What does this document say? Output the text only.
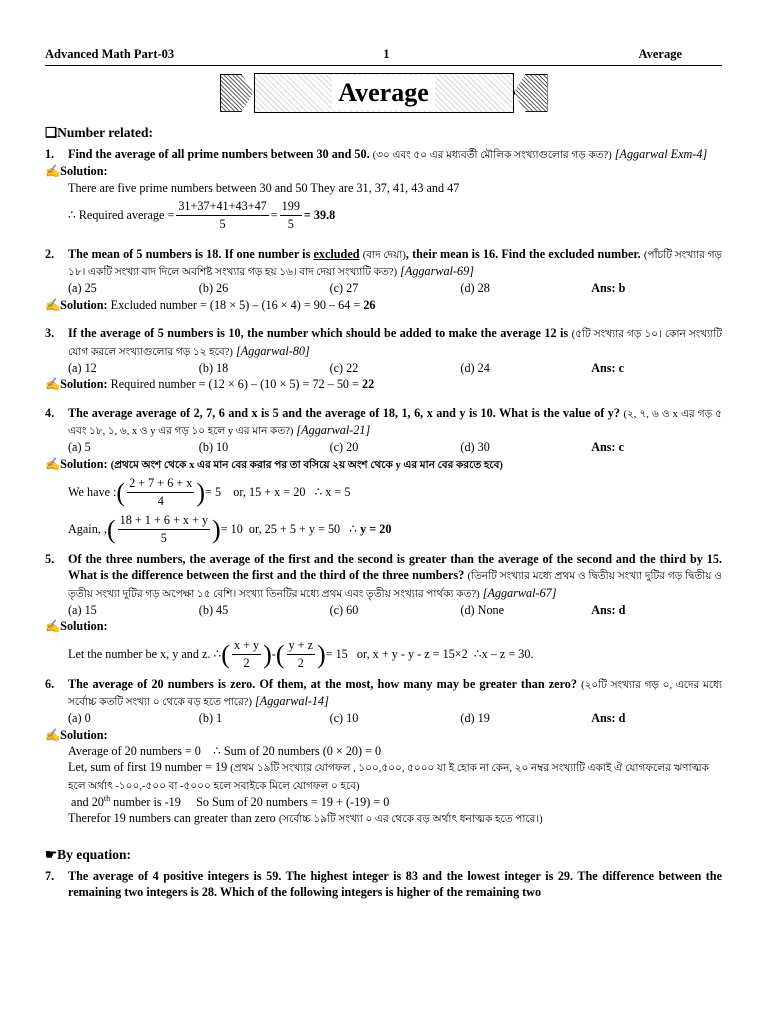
Advanced Math Part-03	1	Average
Average
❑Number related:
1.	Find the average of all prime numbers between 30 and 50. (৩০ এবং ৫০ এর মধ্যবর্তী মৌলিক সংখ্যাগুলোর গড় কত?) [Aggarwal Exm-4]
✍Solution:
There are five prime numbers between 30 and 50 They are 31, 37, 41, 43 and 47
∴ Required average = $\frac{31+37+41+43+47}{5} = \frac{199}{5} = 39.8$
2.	The mean of 5 numbers is 18. If one number is excluded (বাদ দেয়া), their mean is 16. Find the excluded number. (পাঁচটি সংখ্যার গড় ১৮। একটি সংখ্যা বাদ দিলে অবশিষ্ট সংখ্যার গড় হয় ১৬। বাদ দেয়া সংখ্যাটি কত?) [Aggarwal-69]
(a) 25	(b) 26	(c) 27	(d) 28	Ans: b
✍Solution: Excluded number = (18 × 5) – (16 × 4) = 90 – 64 = 26
3.	If the average of 5 numbers is 10, the number which should be added to make the average 12 is (৫টি সংখ্যার গড় ১০। কোন সংখ্যাটি যোগ করলে সংখ্যাগুলোর গড় ১২ হবে?) [Aggarwal-80]
(a) 12	(b) 18	(c) 22	(d) 24	Ans: c
✍Solution: Required number = (12 × 6) – (10 × 5) = 72 – 50 = 22
4.	The average average of 2, 7, 6 and x is 5 and the average of 18, 1, 6, x and y is 10. What is the value of y? (২, ৭, ৬ ও x এর গড় ৫ এবং ১৮, ১, ৬, x ও y এর গড় ১০ হলে y এর মান কত?) [Aggarwal-21]
(a) 5	(b) 10	(c) 20	(d) 30	Ans: c
✍Solution: (প্রথমে অংশ থেকে x এর মান বের করার পর তা বসিয়ে ২য় অংশ থেকে y এর মান বের করতে হবে)
We have : ( $\frac{2 + 7 + 6 + x}{4}$ ) = 5    or, 15 + x = 20   ∴ x = 5
Again, , ( $\frac{18 + 1 + 6 + x + y}{5}$ ) = 10  or, 25 + 5 + y = 50   ∴
y = 20
5.	Of the three numbers, the average of the first and the second is greater than the average of the second and the third by 15. What is the difference between the first and the third of the three numbers? (তিনটি সংখ্যার মধ্যে প্রথম ও দ্বিতীয় সংখ্যা দুটির গড় দ্বিতীয় ও তৃতীয় সংখ্যা দুটির গড় অপেক্ষা ১৫ বেশি। সংখ্যা তিনটির মধ্যে প্রথম এবং তৃতীয় সংখ্যার পার্থক্য কত?) [Aggarwal-67]
(a) 15	(b) 45	(c) 60	(d) None	Ans: d
✍Solution:
Let the number be x, y and z. ∴ ( $\frac{x + y}{2}$ ) - ( $\frac{y + z}{2}$ ) = 15   or, x + y - y - z = 15×2  ∴x – z = 30.
6.	The average of 20 numbers is zero. Of them, at the most, how many may be greater than zero? (২০টি সংখ্যার গড় ০, এদের মধ্যে সর্বোচ্চ কতটি সংখ্যা ০ থেকে বড় হতে পারে?) [Aggarwal-14]
(a) 0	(b) 1	(c) 10	(d) 19	Ans: d
✍Solution:
Average of 20 numbers = 0    ∴ Sum of 20 numbers (0 × 20) = 0
Let, sum of first 19 number = 19 (প্রথম ১৯টি সংখ্যার যোগফল , ১০০,৫০০, ৫০০০ যা ই হোক না কেন, ২০ নম্বর সংখ্যাটি একাই ঐ যোগফলের ঋণাত্মক হলে অর্থাৎ -১০০,-৫০০ বা -৫০০০ হলে সবাইকে মিলে যোগফল ০ হবে)
and 20th number is -19     So Sum of 20 numbers = 19 + (-19) = 0
Therefor 19 numbers can greater than zero (সর্বোচ্চ ১৯টি সংখ্যা ০ এর থেকে বড় অর্থাৎ ধনাত্মক হতে পারে।)
☛By equation:
7.	The average of 4 positive integers is 59. The highest integer is 83 and the lowest integer is 29. The difference between the remaining two integers is 28. Which of the following integers is higher of the remaining two
